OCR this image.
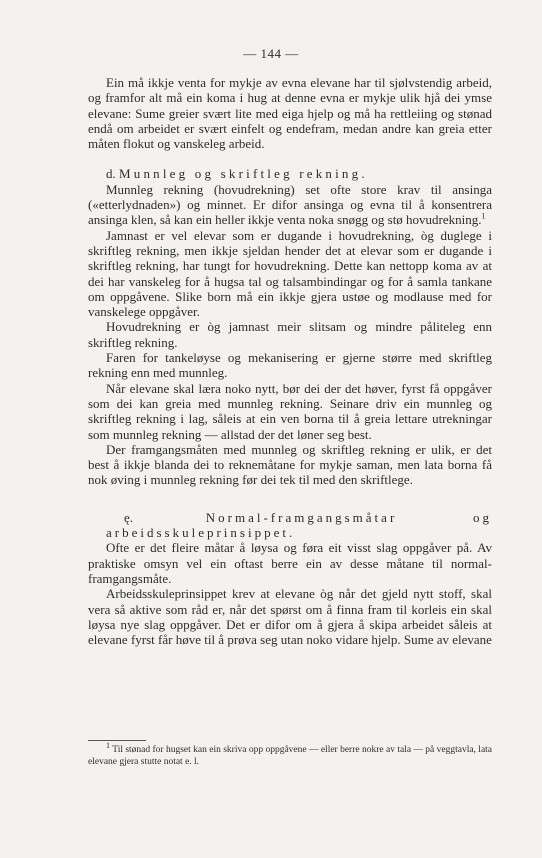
— 144 —

Ein må ikkje venta for mykje av evna elevane har til sjølvstendig arbeid, og framfor alt må ein koma i hug at denne evna er mykje ulik hjå dei ymse elevane: Sume greier svært lite med eiga hjelp og må ha rettleiing og stønad endå om arbeidet er svært einfelt og endefram, medan andre kan greia etter måten flokut og vanskeleg arbeid.

d. Munnleg og skriftleg rekning.

Munnleg rekning (hovudrekning) set ofte store krav til ansinga («etterlydnaden») og minnet. Er difor ansinga og evna til å konsentrera ansinga klen, så kan ein heller ikkje venta noka snøgg og stø hovudrekning.$^1$

Jamnast er vel elevar som er dugande i hovudrekning, òg duglege i skriftleg rekning, men ikkje sjeldan hender det at elevar som er dugande i skriftleg rekning, har tungt for hovudrekning. Dette kan nettopp koma av at dei har vanskeleg for å hugsa tal og talsambindingar og for å samla tankane om oppgåvene. Slike born må ein ikkje gjera ustøe og modlause med for vanskelege oppgåver.

Hovudrekning er òg jamnast meir slitsam og mindre påliteleg enn skriftleg rekning.

Faren for tankeløyse og mekanisering er gjerne større med skriftleg rekning enn med munnleg.

Når elevane skal læra noko nytt, bør dei der det høver, fyrst få oppgåver som dei kan greia med munnleg rekning. Seinare driv ein munnleg og skriftleg rekning i lag, såleis at ein ven borna til å greia lettare utrekningar som munnleg rekning — allstad der det løner seg best.

Der framgangsmåten med munnleg og skriftleg rekning er ulik, er det best å ikkje blanda dei to reknemåtane for mykje saman, men lata borna få nok øving i munnleg rekning før dei tek til med den skriftlege.

ę.	Normal-framgangsmåtar og arbeidsskuleprinsippet.

Ofte er det fleire måtar å løysa og føra eit visst slag oppgåver på. Av praktiske omsyn vel ein oftast berre ein av desse måtane til normal-framgangsmåte.

Arbeidsskuleprinsippet krev at elevane òg når det gjeld nytt stoff, skal vera så aktive som råd er, når det spørst om å finna fram til korleis ein skal løysa nye slag oppgåver. Det er difor om å gjera å skipa arbeidet såleis at elevane fyrst får høve til å prøva seg utan noko vidare hjelp. Sume av elevane

$^1$ Til stønad for hugset kan ein skriva opp oppgåvene — eller berre nokre av tala — på veggtavla, lata elevane gjera stutte notat e. l.
